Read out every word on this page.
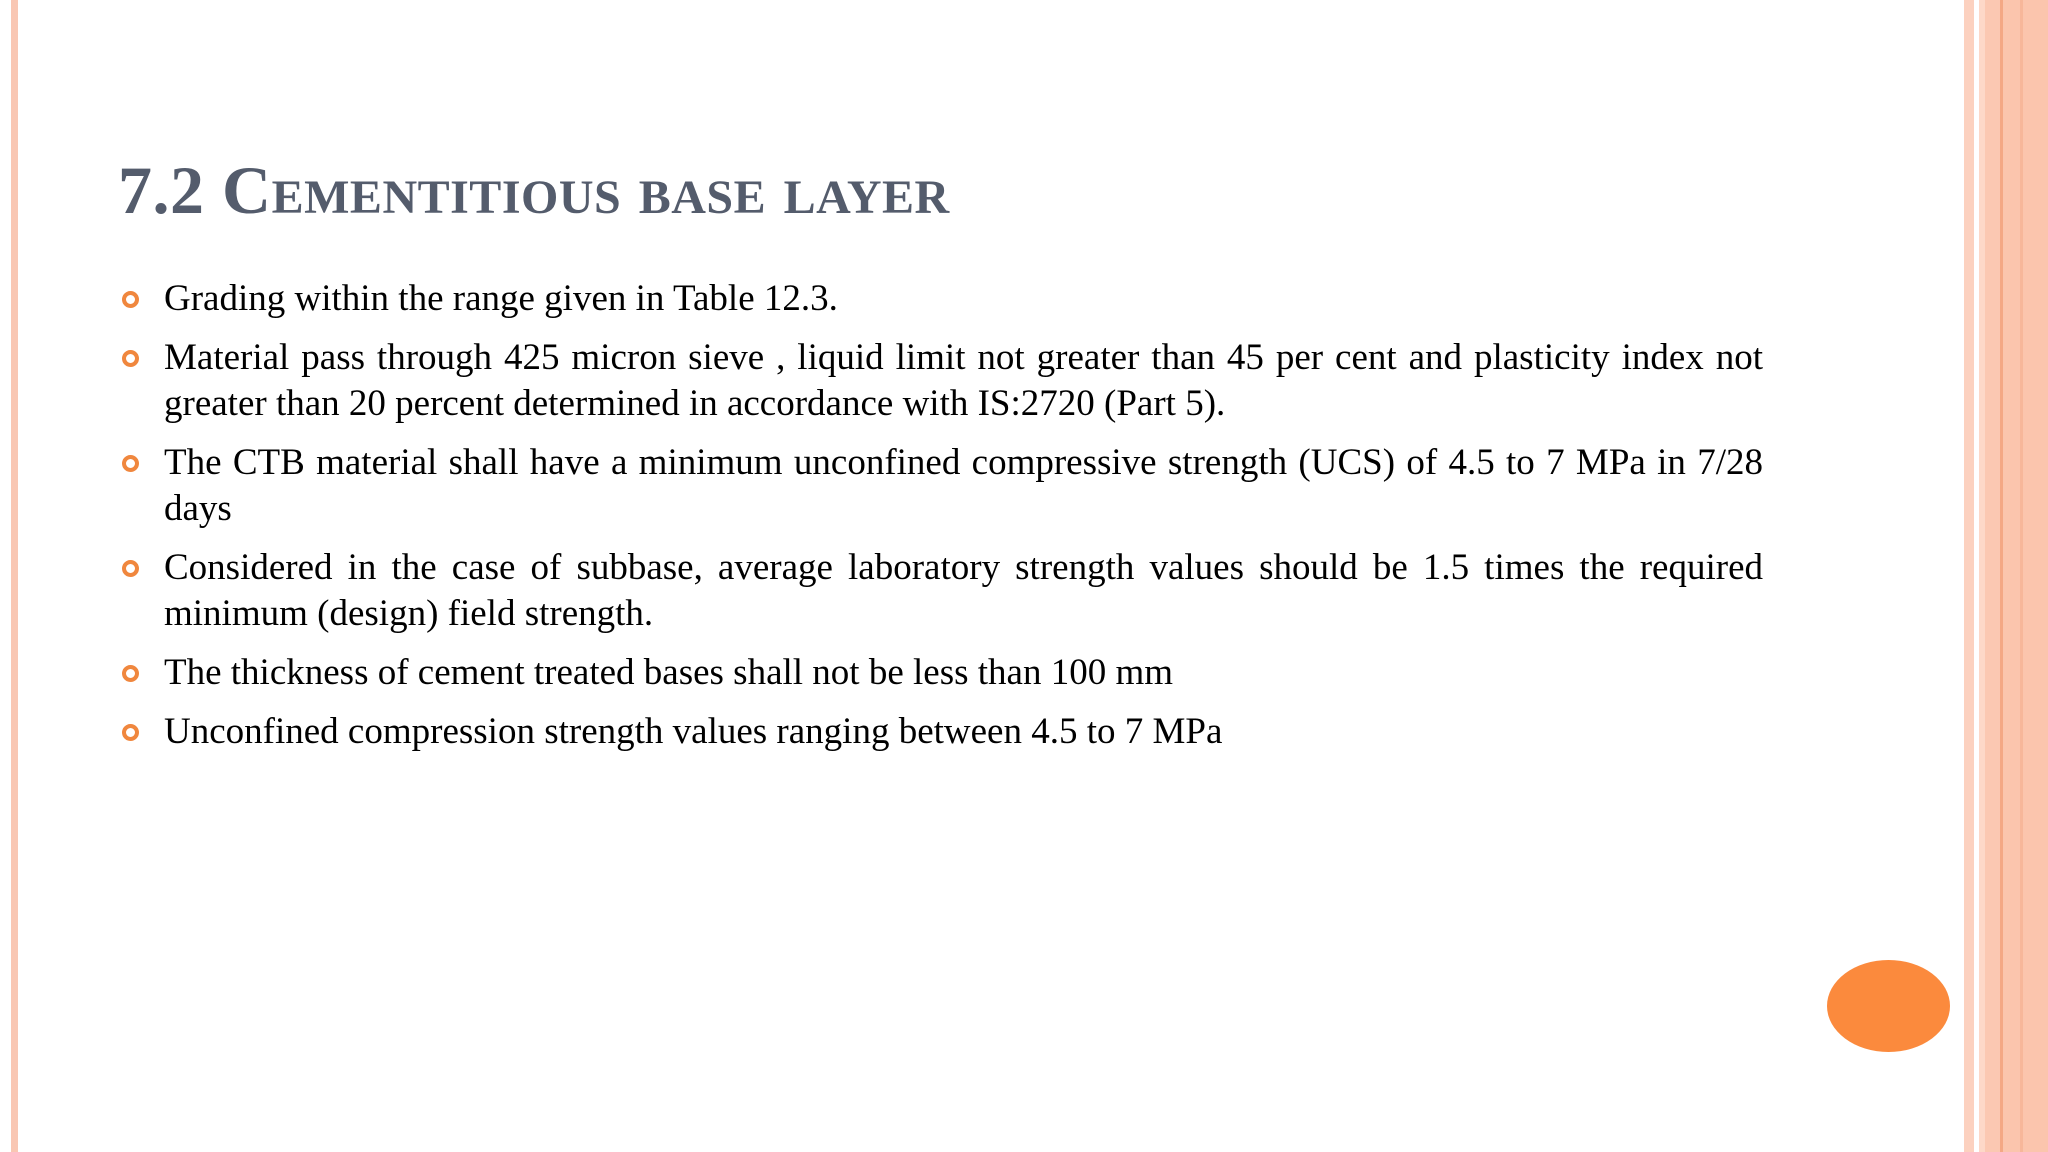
7.2 Cementitious base layer
Grading within the range given in Table 12.3.
Material pass through 425 micron sieve , liquid limit not greater than 45 per cent and plasticity index not greater than 20 percent determined in accordance with IS:2720 (Part 5).
The CTB material shall have a minimum unconfined compressive strength (UCS) of 4.5 to 7 MPa in 7/28 days
Considered in the case of subbase, average laboratory strength values should be 1.5 times the required minimum (design) field strength.
The thickness of cement treated bases shall not be less than 100 mm
Unconfined compression strength values ranging between 4.5 to 7 MPa
